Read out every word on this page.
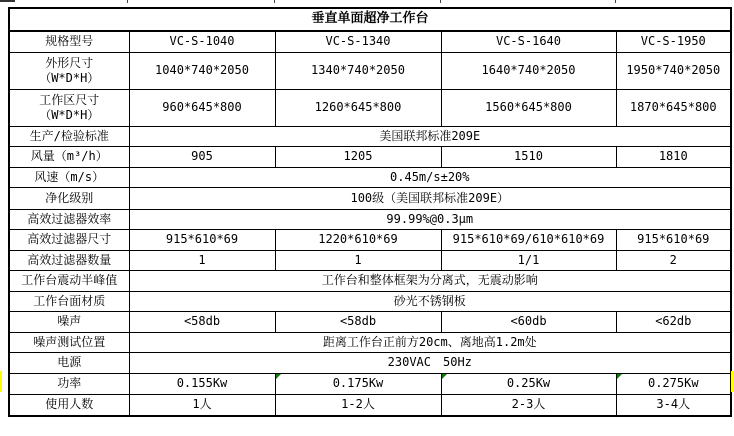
垂直单面超净工作台				
规格型号	VC-S-1040	VC-S-1340	VC-S-1640	VC-S-1950

外形尺寸
（W*D*H）	1040*740*2050	1340*740*2050	1640*740*2050	1950*740*2050

工作区尺寸
（W*D*H）	960*645*800	1260*645*800	1560*645*800	1870*645*800
生产/检验标准	美国联邦标准209E			
风量（m³/h）	905	1205	1510	1810
风速（m/s）	0.45m/s±20%			
净化级别	100级（美国联邦标准209E）			
高效过滤器效率	99.99%@0.3μm			
高效过滤器尺寸	915*610*69	1220*610*69	915*610*69/610*610*69	915*610*69
高效过滤器数量	1	1	1/1	2
工作台震动半峰值	工作台和整体框架为分离式，无震动影响			
工作台面材质	砂光不锈钢板			
噪声	<58db	<58db	<60db	<62db
噪声测试位置	距离工作台正前方20cm、离地高1.2m处			
电源	230VAC　50Hz			
功率	0.155Kw	0.175Kw	0.25Kw	0.275Kw
使用人数	1人	1-2人	2-3人	3-4人
